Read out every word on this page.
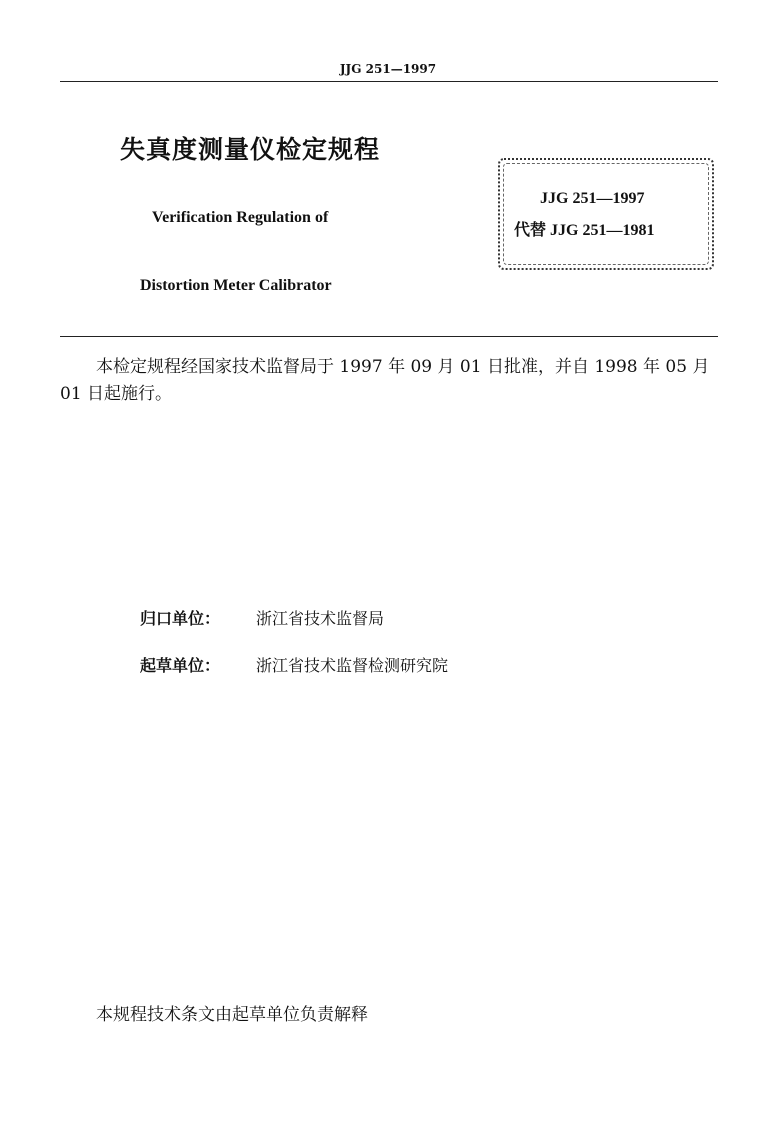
JJG 251—1997
失真度测量仪检定规程
Verification Regulation of
Distortion Meter Calibrator
JJG 251—1997
代替 JJG 251—1981
本检定规程经国家技术监督局于 1997 年 09 月 01 日批准，并自 1998 年 05 月 01 日起施行。
归口单位： 浙江省技术监督局
起草单位： 浙江省技术监督检测研究院
本规程技术条文由起草单位负责解释
